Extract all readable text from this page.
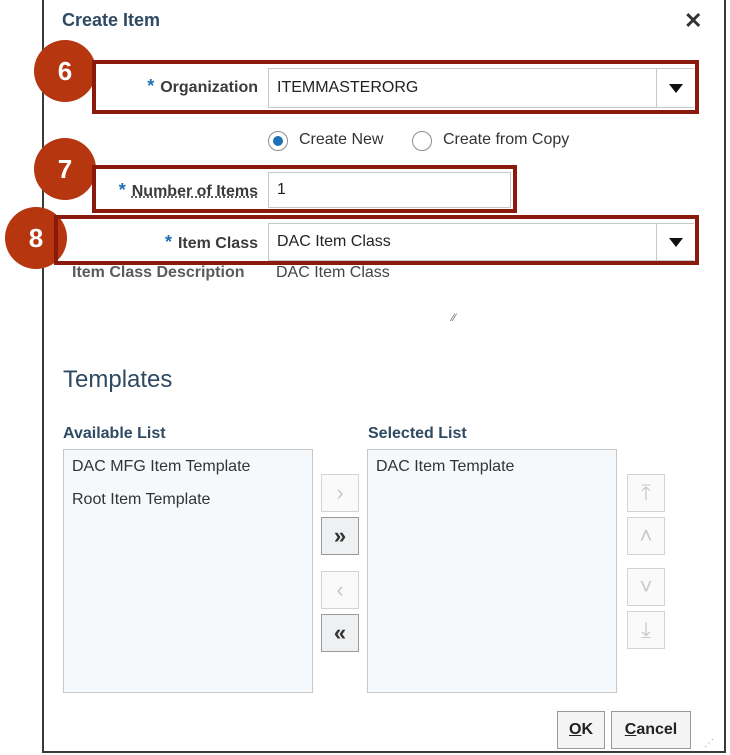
Create Item	✕
6
7
8
* Organization ITEMMASTERORG
Create New	Create from Copy
* Number of Items 1
* Item Class DAC Item Class
Item Class Description DAC Item Class
⁄⁄
Templates
Available List
DAC MFG Item Template
Root Item Template
Selected List
DAC Item Template
›
»
‹
«
⤒
˄
˅
⤓
O K C ancel
⋰
